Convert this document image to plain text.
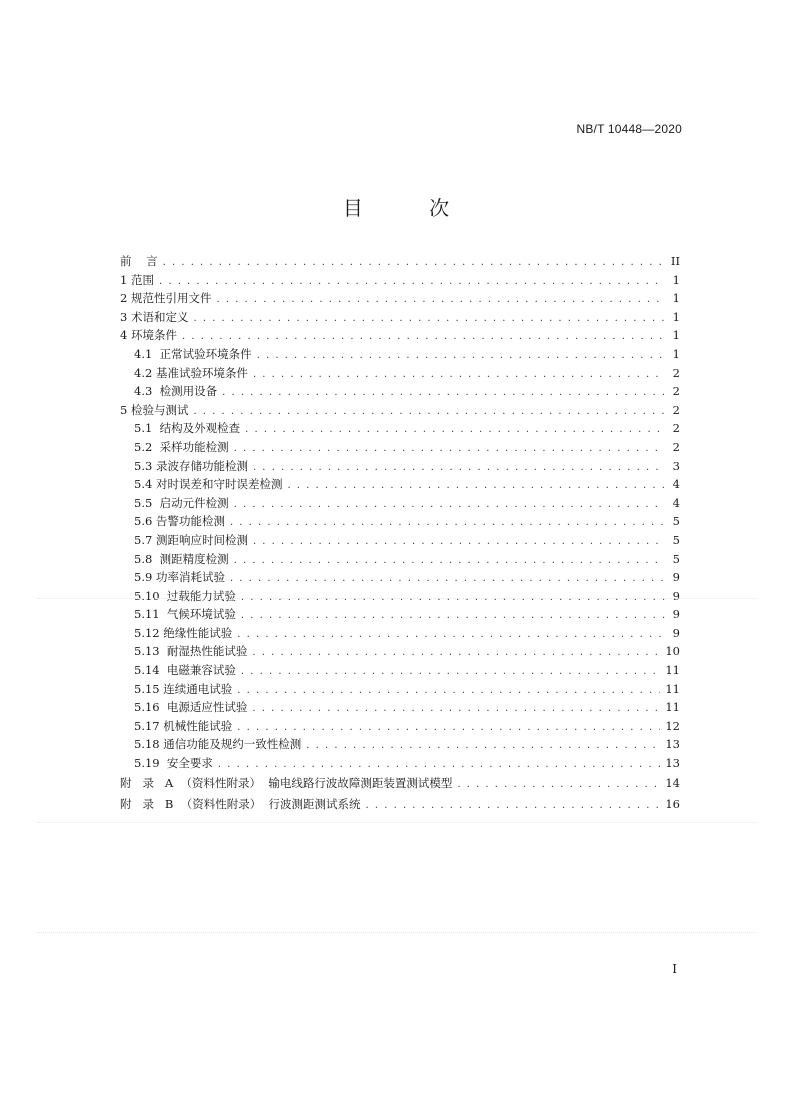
NB/T 10448—2020
目 次
前    言 . . .	II
1 范围 . . .	1
2 规范性引用文件 . . .	1
3 术语和定义 . . .	1
4 环境条件 . . .	1
4.1  正常试验环境条件 . . .	1
4.2 基准试验环境条件 . . .	2
4.3  检测用设备 . . .	2
5 检验与测试 . . .	2
5.1  结构及外观检查 . . .	2
5.2  采样功能检测 . . .	2
5.3 录波存储功能检测 . . .	3
5.4 对时误差和守时误差检测 . . .	4
5.5  启动元件检测 . . .	4
5.6 告警功能检测 . . .	5
5.7 测距响应时间检测 . . .	5
5.8  测距精度检测 . . .	5
5.9 功率消耗试验 . . .	9
5.10  过载能力试验 . . .	9
5.11  气候环境试验 . . .	9
5.12 绝缘性能试验 . . .	9
5.13  耐湿热性能试验 . . .	10
5.14  电磁兼容试验 . . .	11
5.15 连续通电试验 . . .	11
5.16  电源适应性试验 . . .	11
5.17 机械性能试验 . . .	12
5.18 通信功能及规约一致性检测 . . .	13
5.19  安全要求 . . .	13
附   录   A  （资料性附录）  输电线路行波故障测距装置测试模型 . . .	14
附   录   B  （资料性附录）  行波测距测试系统 . . .	16
I
